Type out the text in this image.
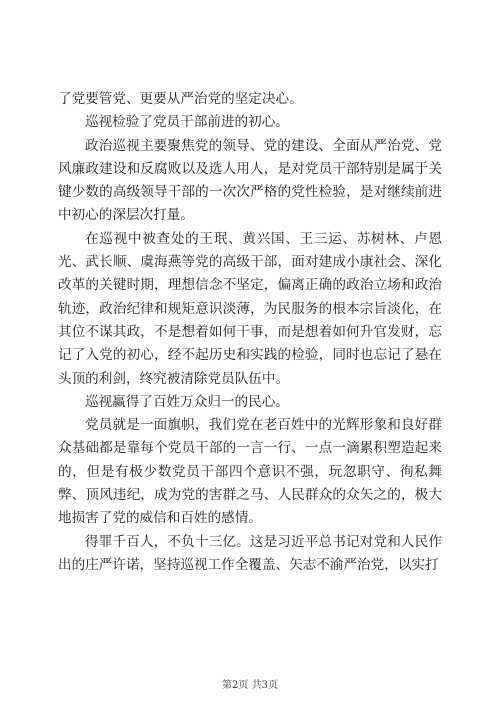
了党要管党、更要从严治党的坚定决心。

巡视检验了党员干部前进的初心。

政治巡视主要聚焦党的领导、党的建设、全面从严治党、党风廉政建设和反腐败以及选人用人，是对党员干部特别是属于关键少数的高级领导干部的一次次严格的党性检验，是对继续前进中初心的深层次打量。

在巡视中被查处的王珉、黄兴国、王三运、苏树林、卢恩光、武长顺、虞海燕等党的高级干部，面对建成小康社会、深化改革的关键时期，理想信念不坚定，偏离正确的政治立场和政治轨迹，政治纪律和规矩意识淡薄，为民服务的根本宗旨淡化，在其位不谋其政，不是想着如何干事，而是想着如何升官发财，忘记了入党的初心，经不起历史和实践的检验，同时也忘记了悬在头顶的利剑，终究被清除党员队伍中。

巡视赢得了百姓万众归一的民心。

党员就是一面旗帜，我们党在老百姓中的光辉形象和良好群众基础都是靠每个党员干部的一言一行、一点一滴累积塑造起来的，但是有极少数党员干部四个意识不强，玩忽职守、徇私舞弊、顶风违纪，成为党的害群之马、人民群众的众矢之的，极大地损害了党的威信和百姓的感情。

得罪千百人，不负十三亿。这是习近平总书记对党和人民作出的庄严许诺，坚持巡视工作全覆盖、矢志不渝严治党，以实打

第2页 共3页
